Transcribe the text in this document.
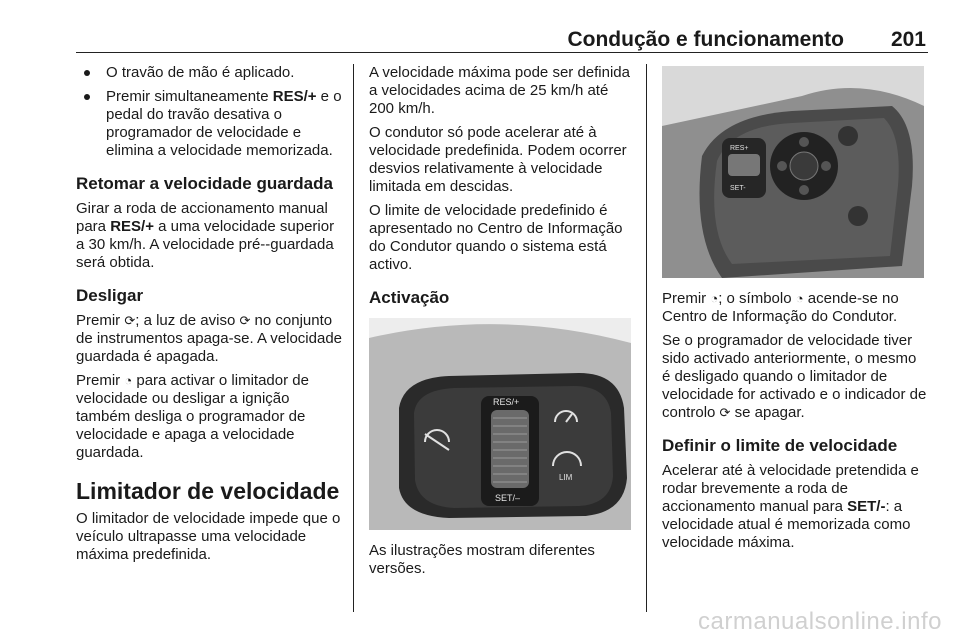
Condução e funcionamento 201
O travão de mão é aplicado.
Premir simultaneamente RES/+ e o pedal do travão desativa o programador de velocidade e elimina a velocidade memorizada.
Retomar a velocidade guardada

Girar a roda de accionamento manual para RES/+ a uma velocidade superior a 30 km/h. A velocidade pré--guardada será obtida.

Desligar

Premir ⟳; a luz de aviso ⟳ no conjunto de instrumentos apaga-se. A velocidade guardada é apagada.

Premir ◔ para activar o limitador de velocidade ou desligar a ignição também desliga o programador de velocidade e apaga a velocidade guardada.

Limitador de velocidade

O limitador de velocidade impede que o veículo ultrapasse uma velocidade máxima predefinida.

A velocidade máxima pode ser definida a velocidades acima de 25 km/h até 200 km/h.

O condutor só pode acelerar até à velocidade predefinida. Podem ocorrer desvios relativamente à velocidade limitada em descidas.

O limite de velocidade predefinido é apresentado no Centro de Informação do Condutor quando o sistema está activo.

Activação
RES/+
SET/–
LIM

As ilustrações mostram diferentes versões.

RES+
SET-

Premir ◔; o símbolo ◔ acende-se no Centro de Informação do Condutor.

Se o programador de velocidade tiver sido activado anteriormente, o mesmo é desligado quando o limitador de velocidade for activado e o indicador de controlo ⟳ se apagar.

Definir o limite de velocidade

Acelerar até à velocidade pretendida e rodar brevemente a roda de accionamento manual para SET/-: a velocidade atual é memorizada como velocidade máxima.

carmanualsonline.info
